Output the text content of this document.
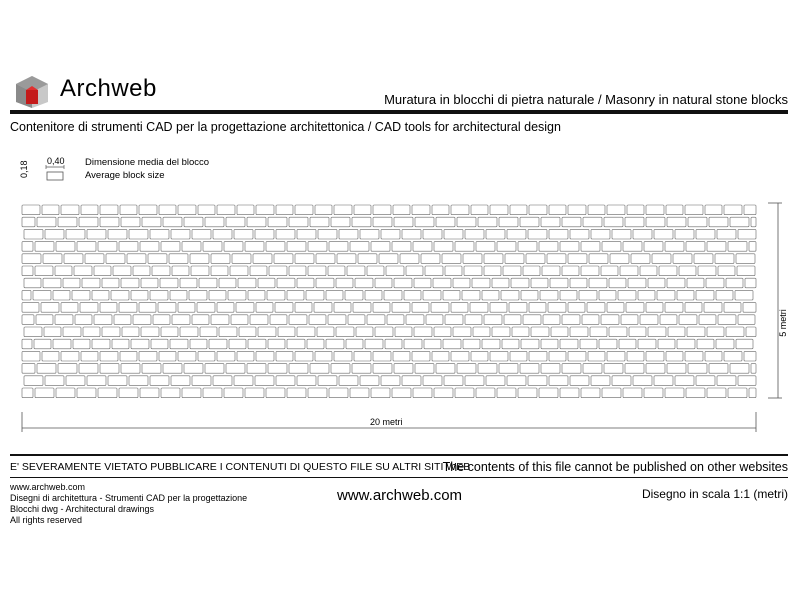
Archweb	Muratura in blocchi di pietra naturale / Masonry in natural stone blocks
Contenitore di strumenti CAD per la progettazione architettonica / CAD tools for architectural design
0,40
0,18	Dimensione media del blocco
Average block size
5 metri
20 metri
E' SEVERAMENTE VIETATO PUBBLICARE I CONTENUTI DI QUESTO FILE SU ALTRI SITI WEB
The contents of this file cannot be published on other websites
www.archweb.com
Disegni di architettura - Strumenti CAD per la progettazione
Blocchi dwg - Architectural drawings
All rights reserved
www.archweb.com	Disegno in scala 1:1 (metri)
